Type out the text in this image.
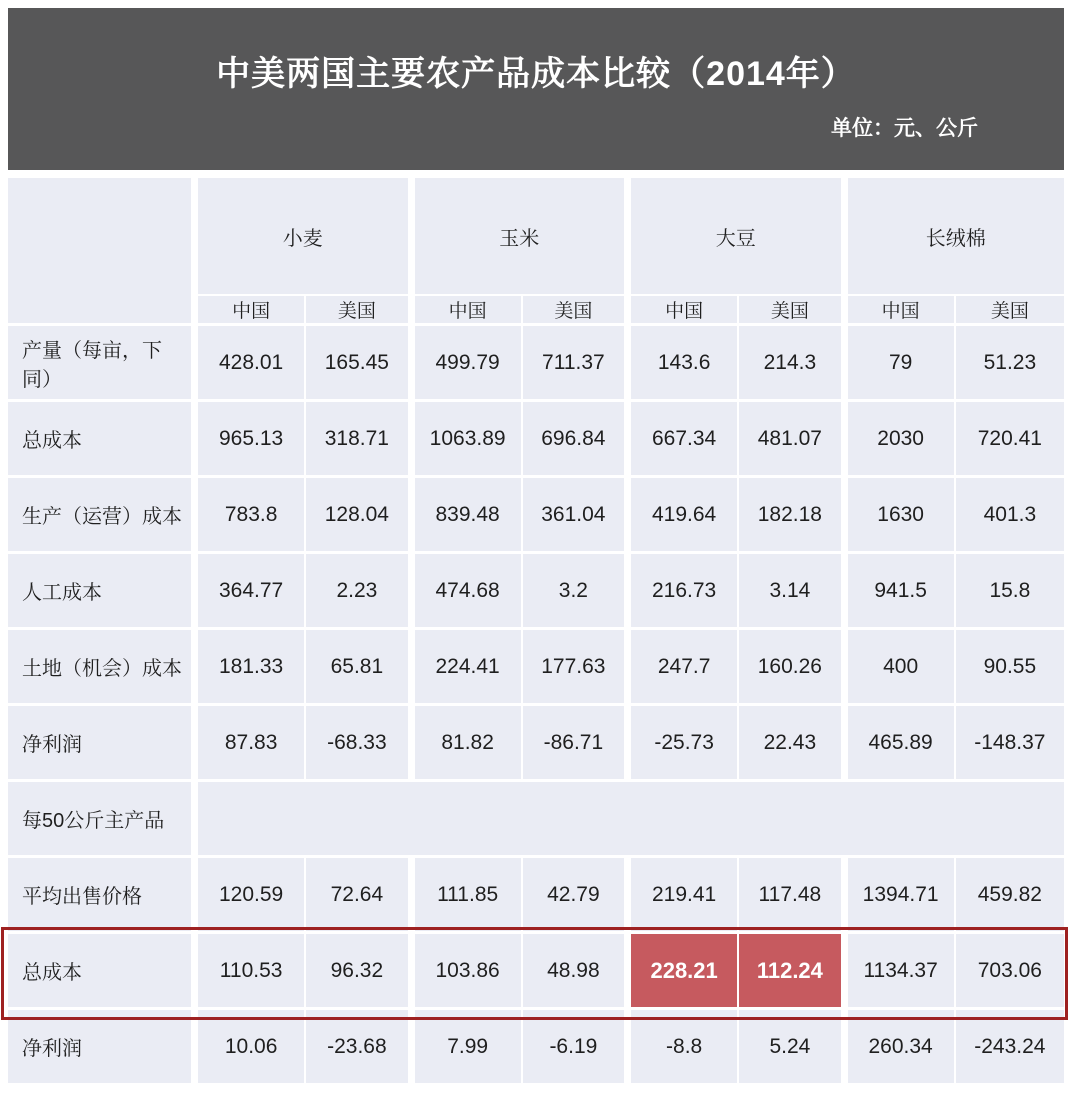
中美两国主要农产品成本比较（2014年）
单位：元、公斤
	小麦		玉米		大豆		长绒棉	
	中国	美国	中国	美国	中国	美国	中国	美国
产量（每亩，下同）	428.01	165.45	499.79	711.37	143.6	214.3	79	51.23
总成本	965.13	318.71	1063.89	696.84	667.34	481.07	2030	720.41
生产（运营）成本	783.8	128.04	839.48	361.04	419.64	182.18	1630	401.3
人工成本	364.77	2.23	474.68	3.2	216.73	3.14	941.5	15.8
土地（机会）成本	181.33	65.81	224.41	177.63	247.7	160.26	400	90.55
净利润	87.83	-68.33	81.82	-86.71	-25.73	22.43	465.89	-148.37
每50公斤主产品								
平均出售价格	120.59	72.64	111.85	42.79	219.41	117.48	1394.71	459.82
总成本	110.53	96.32	103.86	48.98	228.21	112.24	1134.37	703.06
净利润	10.06	-23.68	7.99	-6.19	-8.8	5.24	260.34	-243.24
